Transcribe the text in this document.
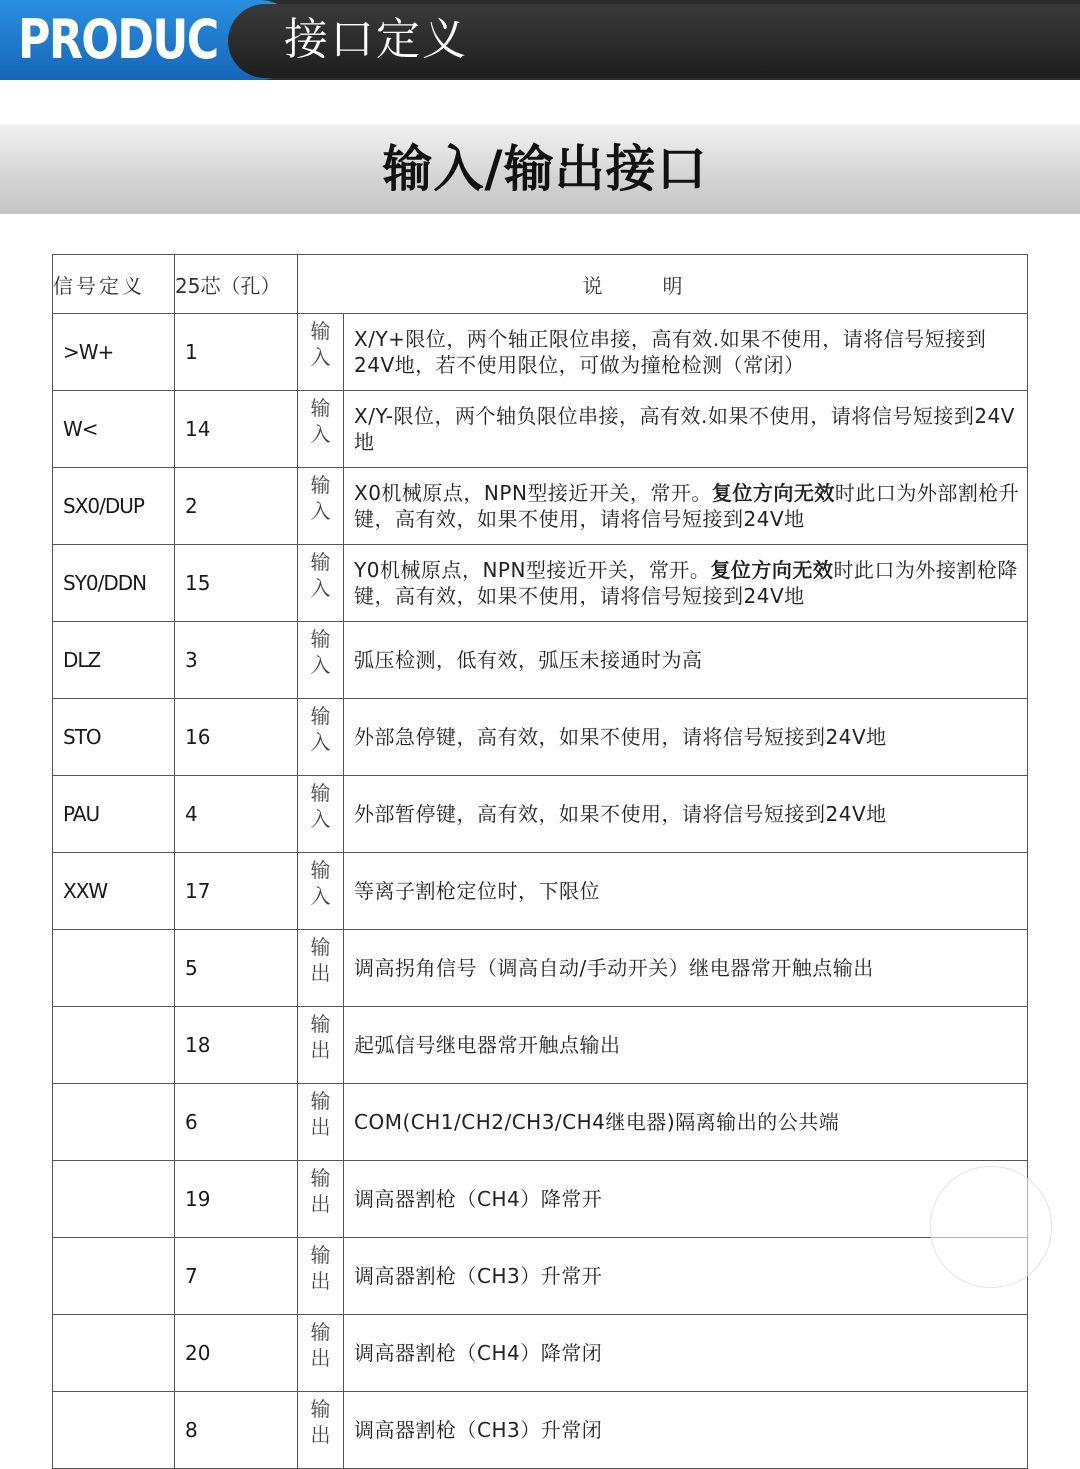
PRODUC 接口定义
输入/输出接口
信号定义	25芯（孔）	说明	
>W+	1	输入	X/Y+限位，两个轴正限位串接，高有效.如果不使用，请将信号短接到24V地，若不使用限位，可做为撞枪检测（常闭）
W<	14	输入	X/Y-限位，两个轴负限位串接，高有效.如果不使用，请将信号短接到24V地
SX0/DUP	2	输入	X0机械原点，NPN型接近开关，常开。复位方向无效时此口为外部割枪升键，高有效，如果不使用，请将信号短接到24V地
SY0/DDN	15	输入	Y0机械原点，NPN型接近开关，常开。复位方向无效时此口为外接割枪降键，高有效，如果不使用，请将信号短接到24V地
DLZ	3	输入	弧压检测，低有效，弧压未接通时为高
STO	16	输入	外部急停键，高有效，如果不使用，请将信号短接到24V地
PAU	4	输入	外部暂停键，高有效，如果不使用，请将信号短接到24V地
XXW	17	输入	等离子割枪定位时，下限位
	5	输出	调高拐角信号（调高自动/手动开关）继电器常开触点输出
	18	输出	起弧信号继电器常开触点输出
	6	输出	COM(CH1/CH2/CH3/CH4继电器)隔离输出的公共端
	19	输出	调高器割枪（CH4）降常开
	7	输出	调高器割枪（CH3）升常开
	20	输出	调高器割枪（CH4）降常闭
	8	输出	调高器割枪（CH3）升常闭
